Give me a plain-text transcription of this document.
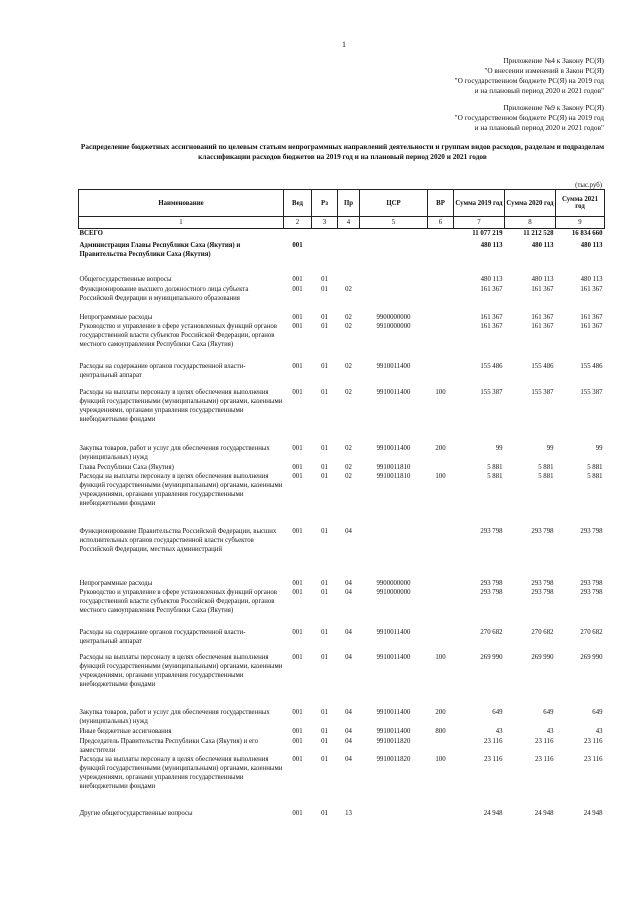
1
Приложение №4 к Закону РС(Я)
"О внесении изменений в Закон РС(Я)
"О государственном бюджете РС(Я) на 2019 год
и на плановый период 2020 и 2021 годов"
Приложение №9 к Закону РС(Я)
"О государственном бюджете РС(Я) на 2019 год
и на плановый период 2020 и 2021 годов"
Распределение бюджетных ассигнований по целевым статьям непрограммных направлений деятельности и группам видов расходов, разделам и подразделам классификации расходов бюджетов на 2019 год и на плановый период 2020 и 2021 годов
(тыс.руб)
Наименование	Вед	Рз	Пр	ЦСР	ВР	Сумма 2019 год	Сумма 2020 год	Сумма 2021 год
1	2	3	4	5	6	7	8	9
ВСЕГО						11 077 219	11 212 528	16 834 660
Администрация Главы Республики Саха (Якутия) и Правительства Республики Саха (Якутия)	001					480 113	480 113	480 113
Общегосударственные вопросы	001	01				480 113	480 113	480 113
Функционирование высшего должностного лица субъекта Российской Федерации и муниципального образования	001	01	02			161 367	161 367	161 367
Непрограммные расходы	001	01	02	9900000000		161 367	161 367	161 367
Руководство и управление в сфере установленных функций органов государственной власти субъектов Российской Федерации, органов местного самоуправления Республики Саха (Якутия)	001	01	02	9910000000		161 367	161 367	161 367
Расходы на содержание органов государственной власти- центральный аппарат	001	01	02	9910011400		155 486	155 486	155 486
Расходы на выплаты персоналу в целях обеспечения выполнения функций государственными (муниципальными) органами, казенными учреждениями, органами управления государственными внебюджетными фондами	001	01	02	9910011400	100	155 387	155 387	155 387
Закупка товаров, работ и услуг для обеспечения государственных (муниципальных) нужд	001	01	02	9910011400	200	99	99	99
Глава Республики Саха (Якутия)	001	01	02	9910011810		5 881	5 881	5 881
Расходы на выплаты персоналу в целях обеспечения выполнения функций государственными (муниципальными) органами, казенными учреждениями, органами управления государственными внебюджетными фондами	001	01	02	9910011810	100	5 881	5 881	5 881
Функционирование Правительства Российской Федерации, высших исполнительных органов государственной власти субъектов Российской Федерации, местных администраций	001	01	04			293 798	293 798	293 798
Непрограммные расходы	001	01	04	9900000000		293 798	293 798	293 798
Руководство и управление в сфере установленных функций органов государственной власти субъектов Российской Федерации, органов местного самоуправления Республики Саха (Якутия)	001	01	04	9910000000		293 798	293 798	293 798
Расходы на содержание органов государственной власти- центральный аппарат	001	01	04	9910011400		270 682	270 682	270 682
Расходы на выплаты персоналу в целях обеспечения выполнения функций государственными (муниципальными) органами, казенными учреждениями, органами управления государственными внебюджетными фондами	001	01	04	9910011400	100	269 990	269 990	269 990
Закупка товаров, работ и услуг для обеспечения государственных (муниципальных) нужд	001	01	04	9910011400	200	649	649	649
Иные бюджетные ассигнования	001	01	04	9910011400	800	43	43	43
Председатель Правительства Республики Саха (Якутия) и его заместители	001	01	04	9910011820		23 116	23 116	23 116
Расходы на выплаты персоналу в целях обеспечения выполнения функций государственными (муниципальными) органами, казенными учреждениями, органами управления государственными внебюджетными фондами	001	01	04	9910011820	100	23 116	23 116	23 116
Другие общегосударственные вопросы	001	01	13			24 948	24 948	24 948
